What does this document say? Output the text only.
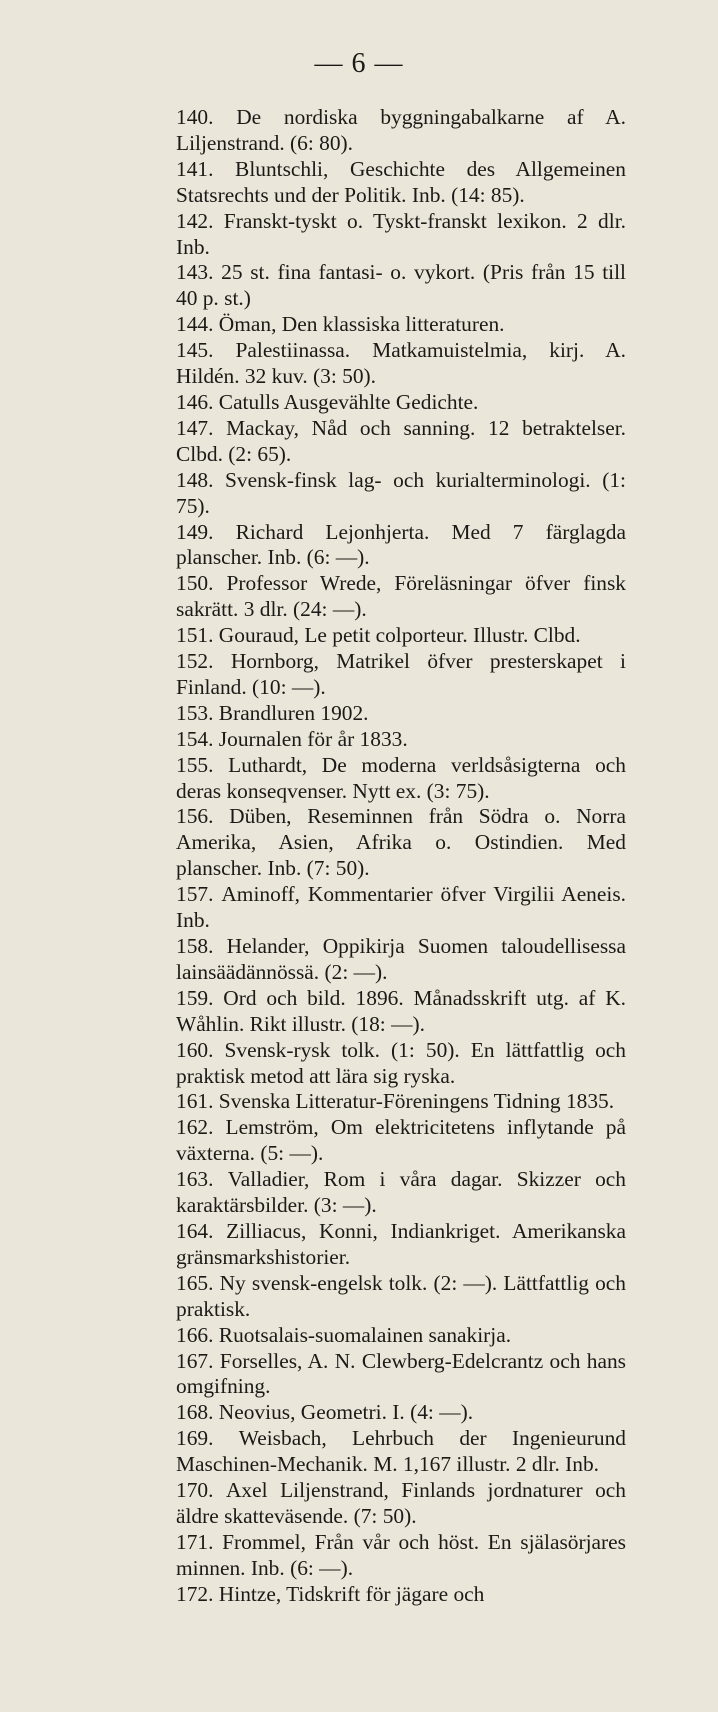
— 6 —

140. De nordiska byggningabalkarne af A. Liljenstrand. (6: 80).

141. Bluntschli, Geschichte des Allgemeinen Statsrechts und der Politik. Inb. (14: 85).

142. Franskt-tyskt o. Tyskt-franskt lexikon. 2 dlr. Inb.

143. 25 st. fina fantasi- o. vykort. (Pris från 15 till 40 p. st.)

144. Öman, Den klassiska litteraturen.

145. Palestiinassa. Matkamuistelmia, kirj. A. Hildén. 32 kuv. (3: 50).

146. Catulls Ausgevählte Gedichte.

147. Mackay, Nåd och sanning. 12 betraktelser. Clbd. (2: 65).

148. Svensk-finsk lag- och kurialterminologi. (1: 75).

149. Richard Lejonhjerta. Med 7 färglagda planscher. Inb. (6: —).

150. Professor Wrede, Föreläsningar öfver finsk sakrätt. 3 dlr. (24: —).

151. Gouraud, Le petit colporteur. Illustr. Clbd.

152. Hornborg, Matrikel öfver presterskapet i Finland. (10: —).

153. Brandluren 1902.

154. Journalen för år 1833.

155. Luthardt, De moderna verldsåsigterna och deras konseqvenser. Nytt ex. (3: 75).

156. Düben, Reseminnen från Södra o. Norra Amerika, Asien, Afrika o. Ostindien. Med planscher. Inb. (7: 50).

157. Aminoff, Kommentarier öfver Virgilii Aeneis. Inb.

158. Helander, Oppikirja Suomen taloudellisessa lainsäädännössä. (2: —).

159. Ord och bild. 1896. Månadsskrift utg. af K. Wåhlin. Rikt illustr. (18: —).

160. Svensk-rysk tolk. (1: 50). En lättfattlig och praktisk metod att lära sig ryska.

161. Svenska Litteratur-Föreningens Tidning 1835.

162. Lemström, Om elektricitetens inflytande på växterna. (5: —).

163. Valladier, Rom i våra dagar. Skizzer och karaktärsbilder. (3: —).

164. Zilliacus, Konni, Indiankriget. Amerikanska gränsmarkshistorier.

165. Ny svensk-engelsk tolk. (2: —). Lättfattlig och praktisk.

166. Ruotsalais-suomalainen sanakirja.

167. Forselles, A. N. Clewberg-Edelcrantz och hans omgifning.

168. Neovius, Geometri. I. (4: —).

169. Weisbach, Lehrbuch der Ingenieurund Maschinen-Mechanik. M. 1,167 illustr. 2 dlr. Inb.

170. Axel Liljenstrand, Finlands jordnaturer och äldre skatteväsende. (7: 50).

171. Frommel, Från vår och höst. En själasörjares minnen. Inb. (6: —).

172. Hintze, Tidskrift för jägare och
